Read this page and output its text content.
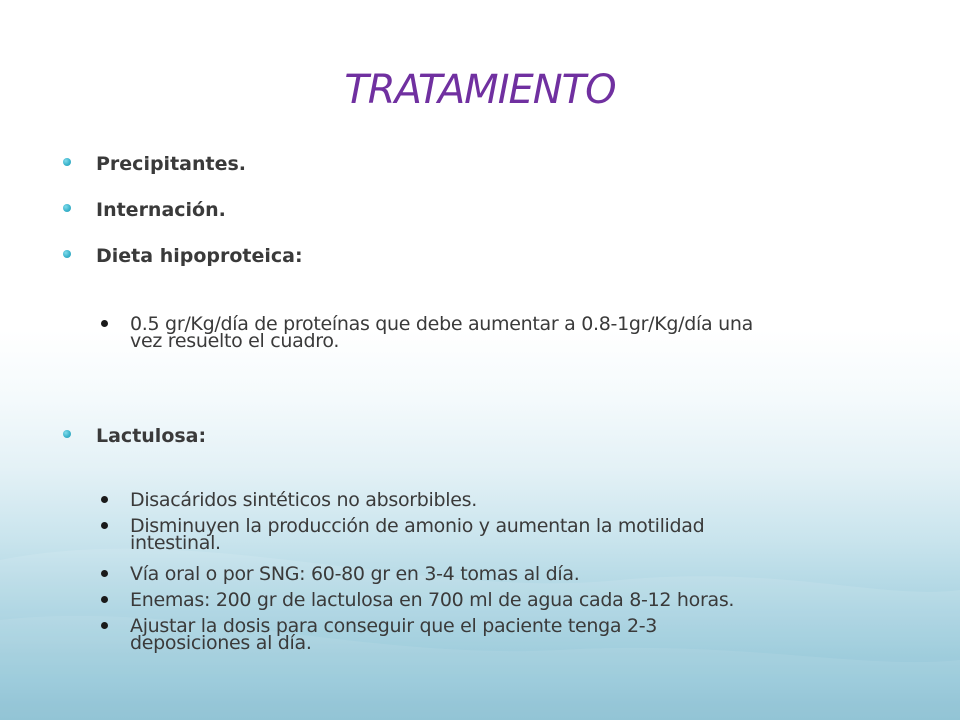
TRATAMIENTO
Precipitantes.
Internación.
Dieta hipoproteica:
0.5 gr/Kg/día de proteínas que debe aumentar a 0.8-1gr/Kg/día una
vez resuelto el cuadro.
Lactulosa:
Disacáridos sintéticos no absorbibles.
Disminuyen la producción de amonio y aumentan la motilidad
intestinal.
Vía oral o por SNG: 60-80 gr en 3-4 tomas al día.
Enemas: 200 gr de lactulosa en 700 ml de agua cada 8-12 horas.
Ajustar la dosis para conseguir que el paciente tenga 2-3
deposiciones al día.
